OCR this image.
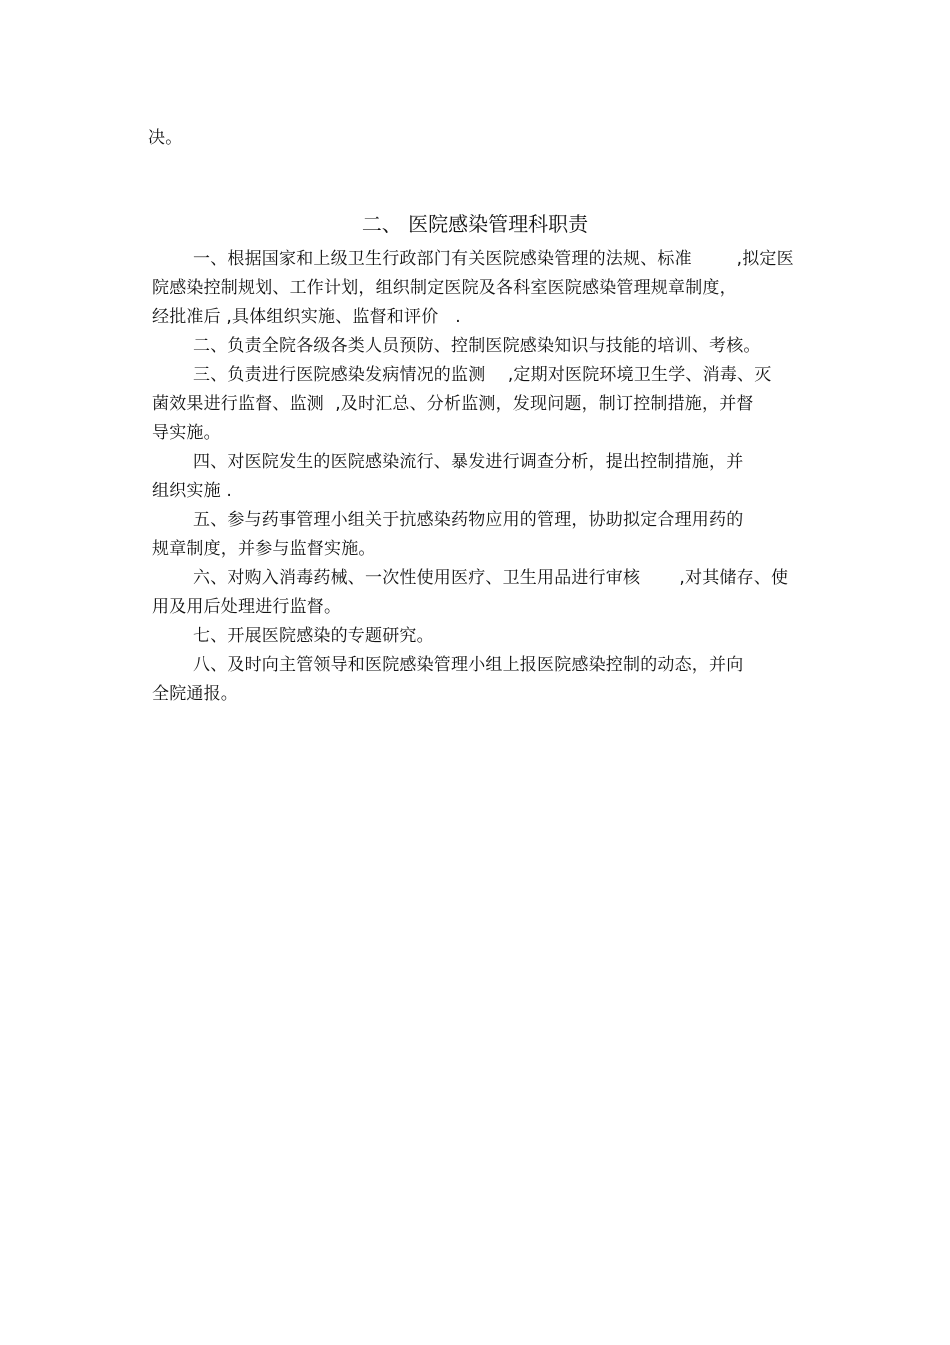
决。
二、 医院感染管理科职责
一、根据国家和上级卫生行政部门有关医院感染管理的法规、标准        ,拟定医
院感染控制规划、工作计划，组织制定医院及各科室医院感染管理规章制度，
经批准后 ,具体组织实施、监督和评价   .
二、负责全院各级各类人员预防、控制医院感染知识与技能的培训、考核。
三、负责进行医院感染发病情况的监测    ,定期对医院环境卫生学、消毒、灭
菌效果进行监督、监测  ,及时汇总、分析监测，发现问题，制订控制措施，并督
导实施。
四、对医院发生的医院感染流行、暴发进行调查分析，提出控制措施，并
组织实施 .
五、参与药事管理小组关于抗感染药物应用的管理，协助拟定合理用药的
规章制度，并参与监督实施。
六、对购入消毒药械、一次性使用医疗、卫生用品进行审核       ,对其储存、使
用及用后处理进行监督。
七、开展医院感染的专题研究。
八、及时向主管领导和医院感染管理小组上报医院感染控制的动态，并向
全院通报。
